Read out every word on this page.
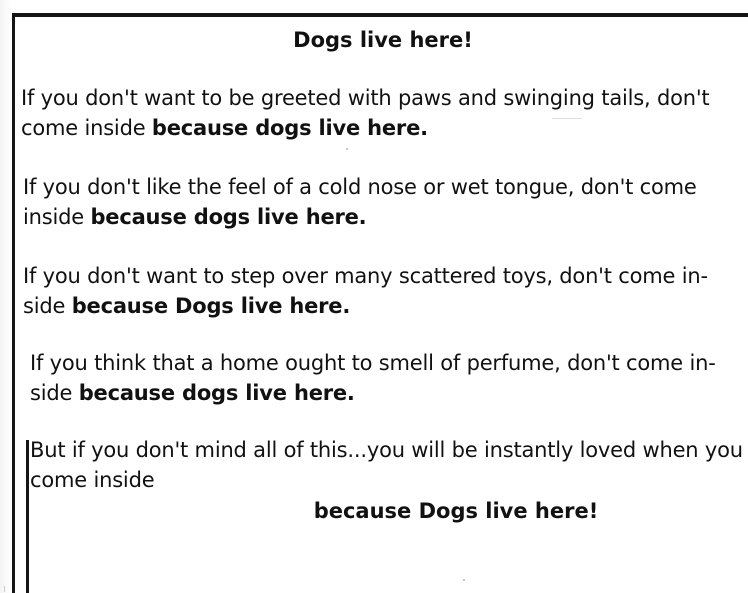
Dogs live here!
If you don't want to be greeted with paws and swinging tails, don't
come inside because dogs live here.
If you don't like the feel of a cold nose or wet tongue, don't come
inside because dogs live here.
If you don't want to step over many scattered toys, don't come in-
side because Dogs live here.
If you think that a home ought to smell of perfume, don't come in-
side because dogs live here.
But if you don't mind all of this...you will be instantly loved when you
come inside
because Dogs live here!
